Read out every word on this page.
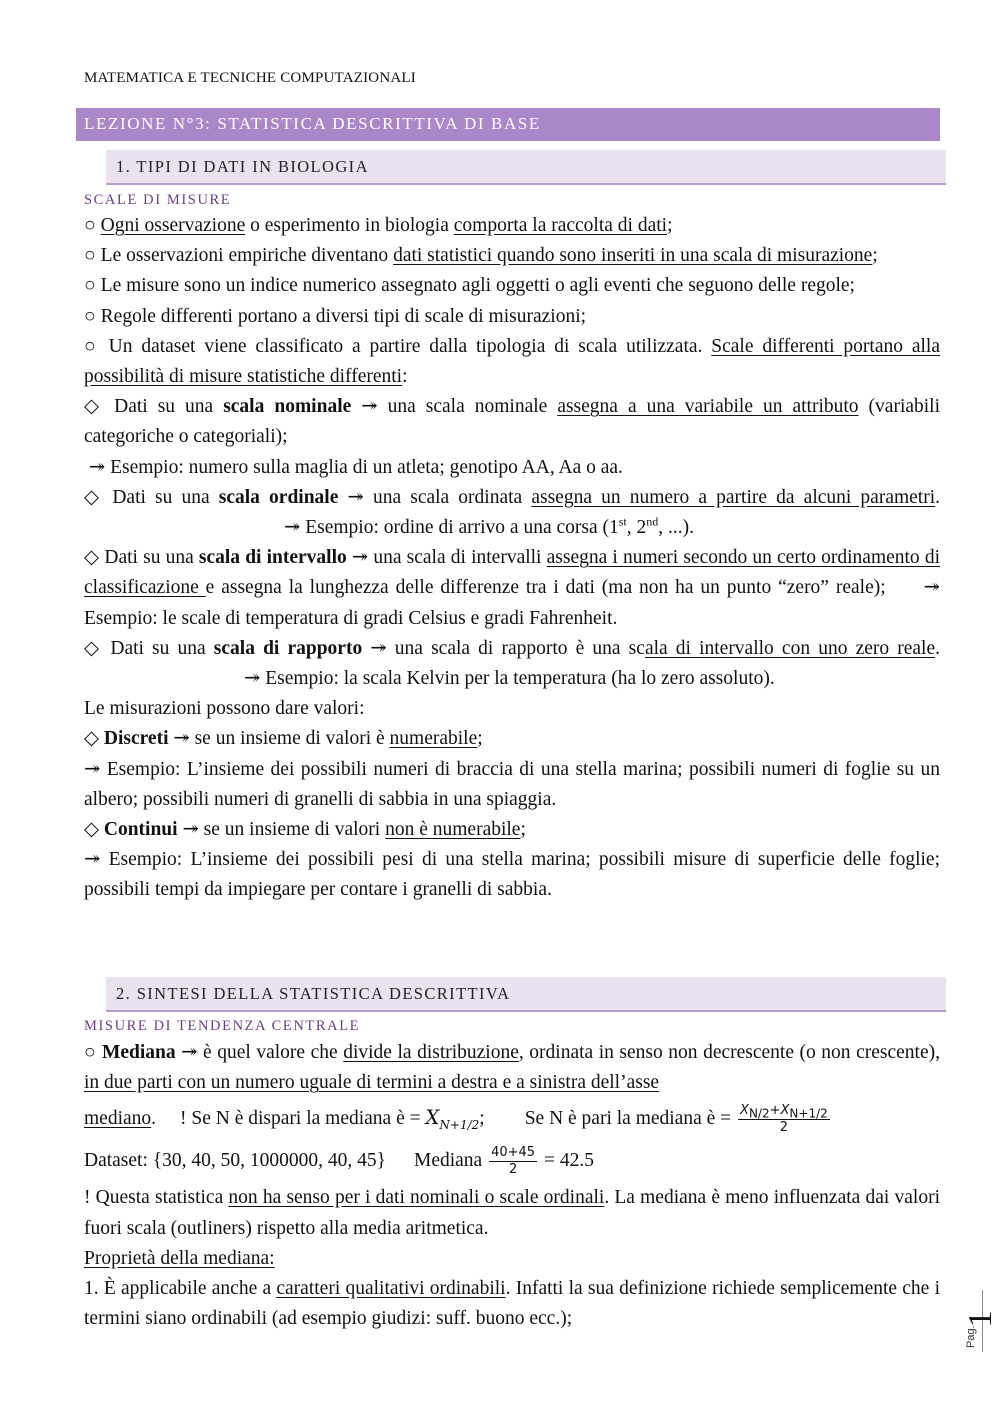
MATEMATICA E TECNICHE COMPUTAZIONALI
LEZIONE N°3: STATISTICA DESCRITTIVA DI BASE
1. TIPI DI DATI IN BIOLOGIA
SCALE DI MISURE

○ Ogni osservazione o esperimento in biologia comporta la raccolta di dati;

○ Le osservazioni empiriche diventano dati statistici quando sono inseriti in una scala di misurazione;

○ Le misure sono un indice numerico assegnato agli oggetti o agli eventi che seguono delle regole;

○ Regole differenti portano a diversi tipi di scale di misurazioni;

○ Un dataset viene classificato a partire dalla tipologia di scala utilizzata. Scale differenti portano alla possibilità di misure statistiche differenti:

◇ Dati su una scala nominale ↠ una scala nominale assegna a una variabile un attributo (variabili categoriche o categoriali);

↠ Esempio: numero sulla maglia di un atleta; genotipo AA, Aa o aa.

◇ Dati su una scala ordinale ↠ una scala ordinata assegna un numero a partire da alcuni parametri.↠ Esempio: ordine di arrivo a una corsa (1st, 2nd, ...).

◇ Dati su una scala di intervallo ↠ una scala di intervalli assegna i numeri secondo un certo ordinamento di classificazione e assegna la lunghezza delle differenze tra i dati (ma non ha un punto “zero” reale); ↠ Esempio: le scale di temperatura di gradi Celsius e gradi Fahrenheit.

◇ Dati su una scala di rapporto ↠ una scala di rapporto è una scala di intervallo con uno zero reale.↠ Esempio: la scala Kelvin per la temperatura (ha lo zero assoluto).

Le misurazioni possono dare valori:

◇ Discreti ↠ se un insieme di valori è numerabile;

↠ Esempio: L’insieme dei possibili numeri di braccia di una stella marina; possibili numeri di foglie su un albero; possibili numeri di granelli di sabbia in una spiaggia.

◇ Continui ↠ se un insieme di valori non è numerabile;

↠ Esempio: L’insieme dei possibili pesi di una stella marina; possibili misure di superficie delle foglie; possibili tempi da impiegare per contare i granelli di sabbia.

2. SINTESI DELLA STATISTICA DESCRITTIVA
MISURE DI TENDENZA CENTRALE

○ Mediana ↠ è quel valore che divide la distribuzione, ordinata in senso non decrescente (o non crescente), in due parti con un numero uguale di termini a destra e a sinistra dell’asse

mediano. ! Se N è dispari la mediana è = $X_{N+1/2}$; Se N è pari la mediana è = $\frac{X_{N/2}+X_{N+1/2}}{2}$

Dataset: {30, 40, 50, 1000000, 40, 45} Mediana $\frac{40+45}{2} = 42.5$

! Questa statistica non ha senso per i dati nominali o scale ordinali. La mediana è meno influenzata dai valori fuori scala (outliners) rispetto alla media aritmetica.

Proprietà della mediana:

1. È applicabile anche a caratteri qualitativi ordinabili. Infatti la sua definizione richiede semplicemente che i termini siano ordinabili (ad esempio giudizi: suff. buono ecc.);	1
Pag.
